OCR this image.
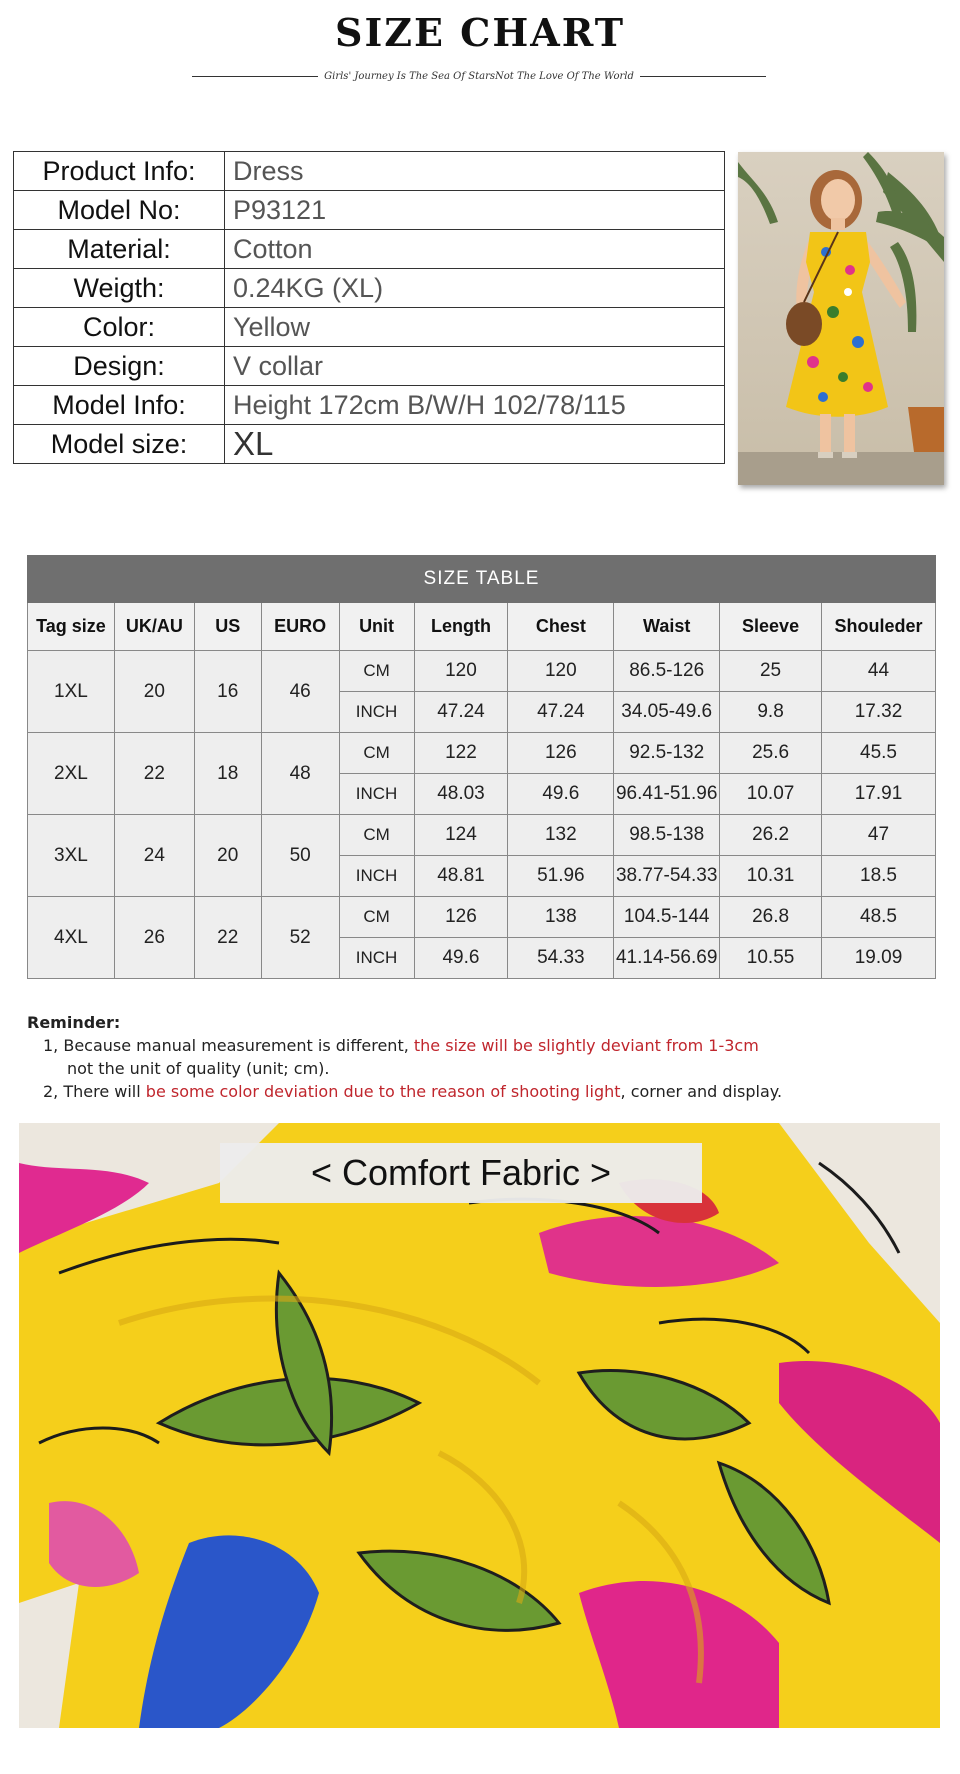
SIZE CHART
Girls' Journey Is The Sea Of StarsNot The Love Of The World
Product Info:	Dress
Model No:	P93121
Material:	Cotton
Weigth:	0.24KG (XL)
Color:	Yellow
Design:	V collar
Model Info:	Height 172cm B/W/H 102/78/115
Model size:	XL
SIZE TABLE									
Tag size	UK/AU	US	EURO	Unit	Length	Chest	Waist	Sleeve	Shouleder
1XL	20	16	46	CM	120	120	86.5-126	25	44
				INCH	47.24	47.24	34.05-49.6	9.8	17.32
2XL	22	18	48	CM	122	126	92.5-132	25.6	45.5
				INCH	48.03	49.6	96.41-51.96	10.07	17.91
3XL	24	20	50	CM	124	132	98.5-138	26.2	47
				INCH	48.81	51.96	38.77-54.33	10.31	18.5
4XL	26	22	52	CM	126	138	104.5-144	26.8	48.5
				INCH	49.6	54.33	41.14-56.69	10.55	19.09
Reminder:
1, Because manual measurement is different, the size will be slightly deviant from 1-3cm
not the unit of quality (unit; cm).
2, There will be some color deviation due to the reason of shooting light, corner and display.
< Comfort Fabric >
